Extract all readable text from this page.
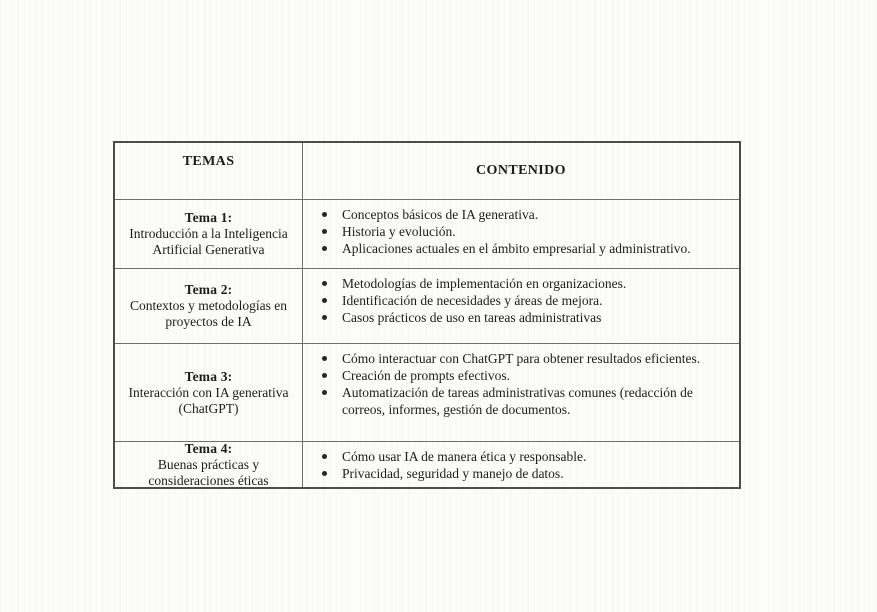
TEMAS
CONTENIDO
Tema 1:
Introducción a la Inteligencia
Artificial Generativa
Conceptos básicos de IA generativa.
Historia y evolución.
Aplicaciones actuales en el ámbito empresarial y administrativo.
Tema 2:
Contextos y metodologías en
proyectos de IA
Metodologías de implementación en organizaciones.
Identificación de necesidades y áreas de mejora.
Casos prácticos de uso en tareas administrativas
Tema 3:
Interacción con IA generativa
(ChatGPT)
Cómo interactuar con ChatGPT para obtener resultados eficientes.
Creación de prompts efectivos.
Automatización de tareas administrativas comunes (redacción de correos, informes, gestión de documentos.
Tema 4:
Buenas prácticas y
consideraciones éticas
Cómo usar IA de manera ética y responsable.
Privacidad, seguridad y manejo de datos.
